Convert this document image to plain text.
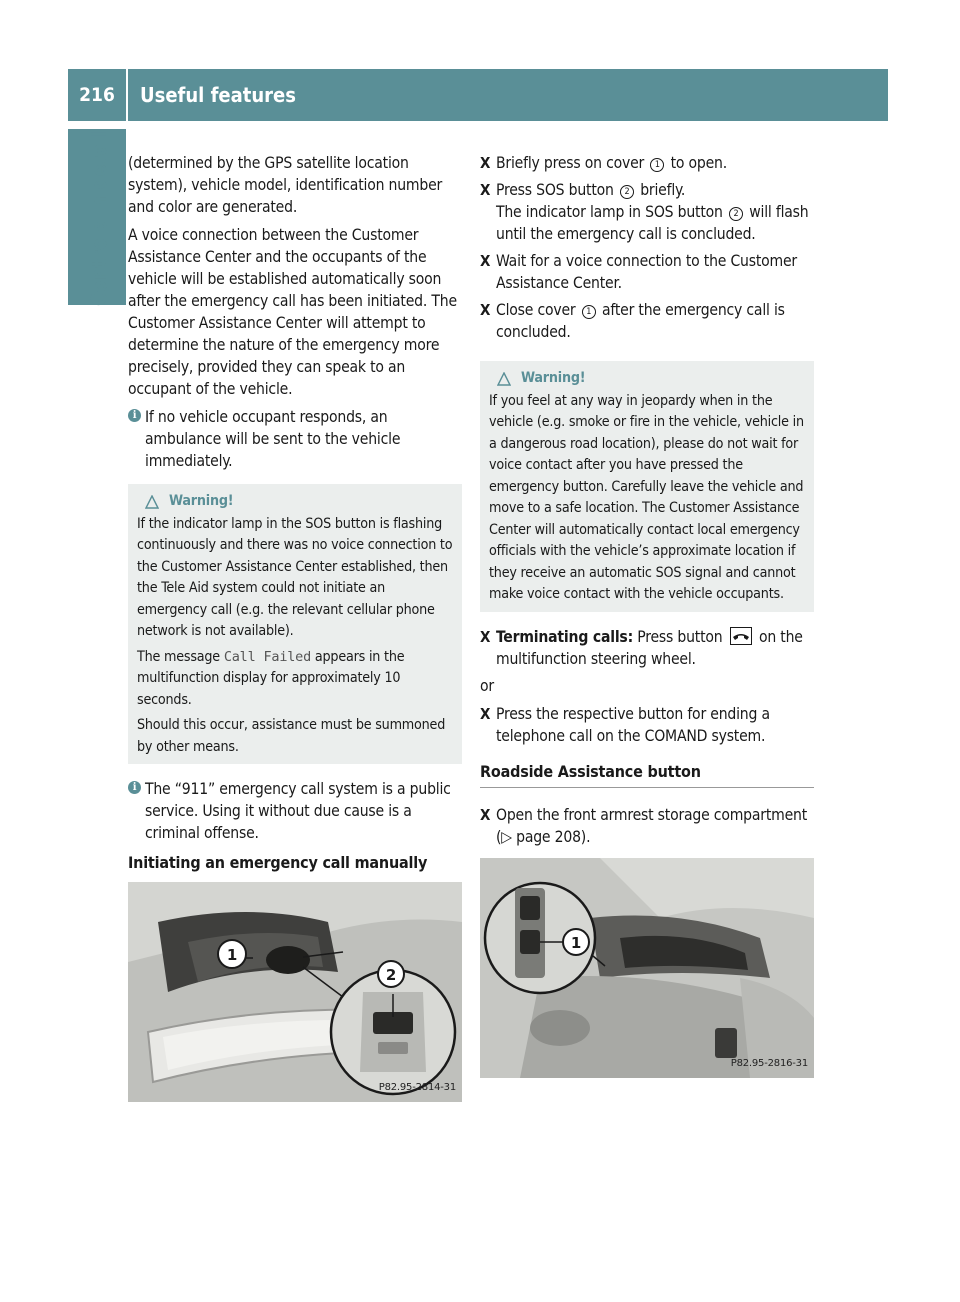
216	Useful features
Controls in detail (determined by the GPS satellite location system), vehicle model, identification number and color are generated.

A voice connection between the Customer Assistance Center and the occupants of the vehicle will be established automatically soon after the emergency call has been initiated. The Customer Assistance Center will attempt to determine the nature of the emergency more precisely, provided they can speak to an occupant of the vehicle.

i If no vehicle occupant responds, an ambulance will be sent to the vehicle immediately.
Warning!

If the indicator lamp in the SOS button is flashing continuously and there was no voice connection to the Customer Assistance Center established, then the Tele Aid system could not initiate an emergency call (e.g. the relevant cellular phone network is not available).

The message Call Failed appears in the multifunction display for approximately 10 seconds.

Should this occur, assistance must be summoned by other means.

i The “911” emergency call system is a public service. Using it without due cause is a criminal offense.
Initiating an emergency call manually
1
2
P82.95-2814-31
X Briefly press on cover 1 to open.
X Press SOS button 2 briefly.
The indicator lamp in SOS button 2 will flash until the emergency call is concluded.
X Wait for a voice connection to the Customer Assistance Center.
X Close cover 1 after the emergency call is concluded.
Warning!

If you feel at any way in jeopardy when in the vehicle (e.g. smoke or fire in the vehicle, vehicle in a dangerous road location), please do not wait for voice contact after you have pressed the emergency button. Carefully leave the vehicle and move to a safe location. The Customer Assistance Center will automatically contact local emergency officials with the vehicle’s approximate location if they receive an automatic SOS signal and cannot make voice contact with the vehicle occupants.

X Terminating calls: Press button
on the multifunction steering wheel.

or

X Press the respective button for ending a telephone call on the COMAND system.
Roadside Assistance button
X Open the front armrest storage compartment (▷ page 208).
1
P82.95-2816-31
